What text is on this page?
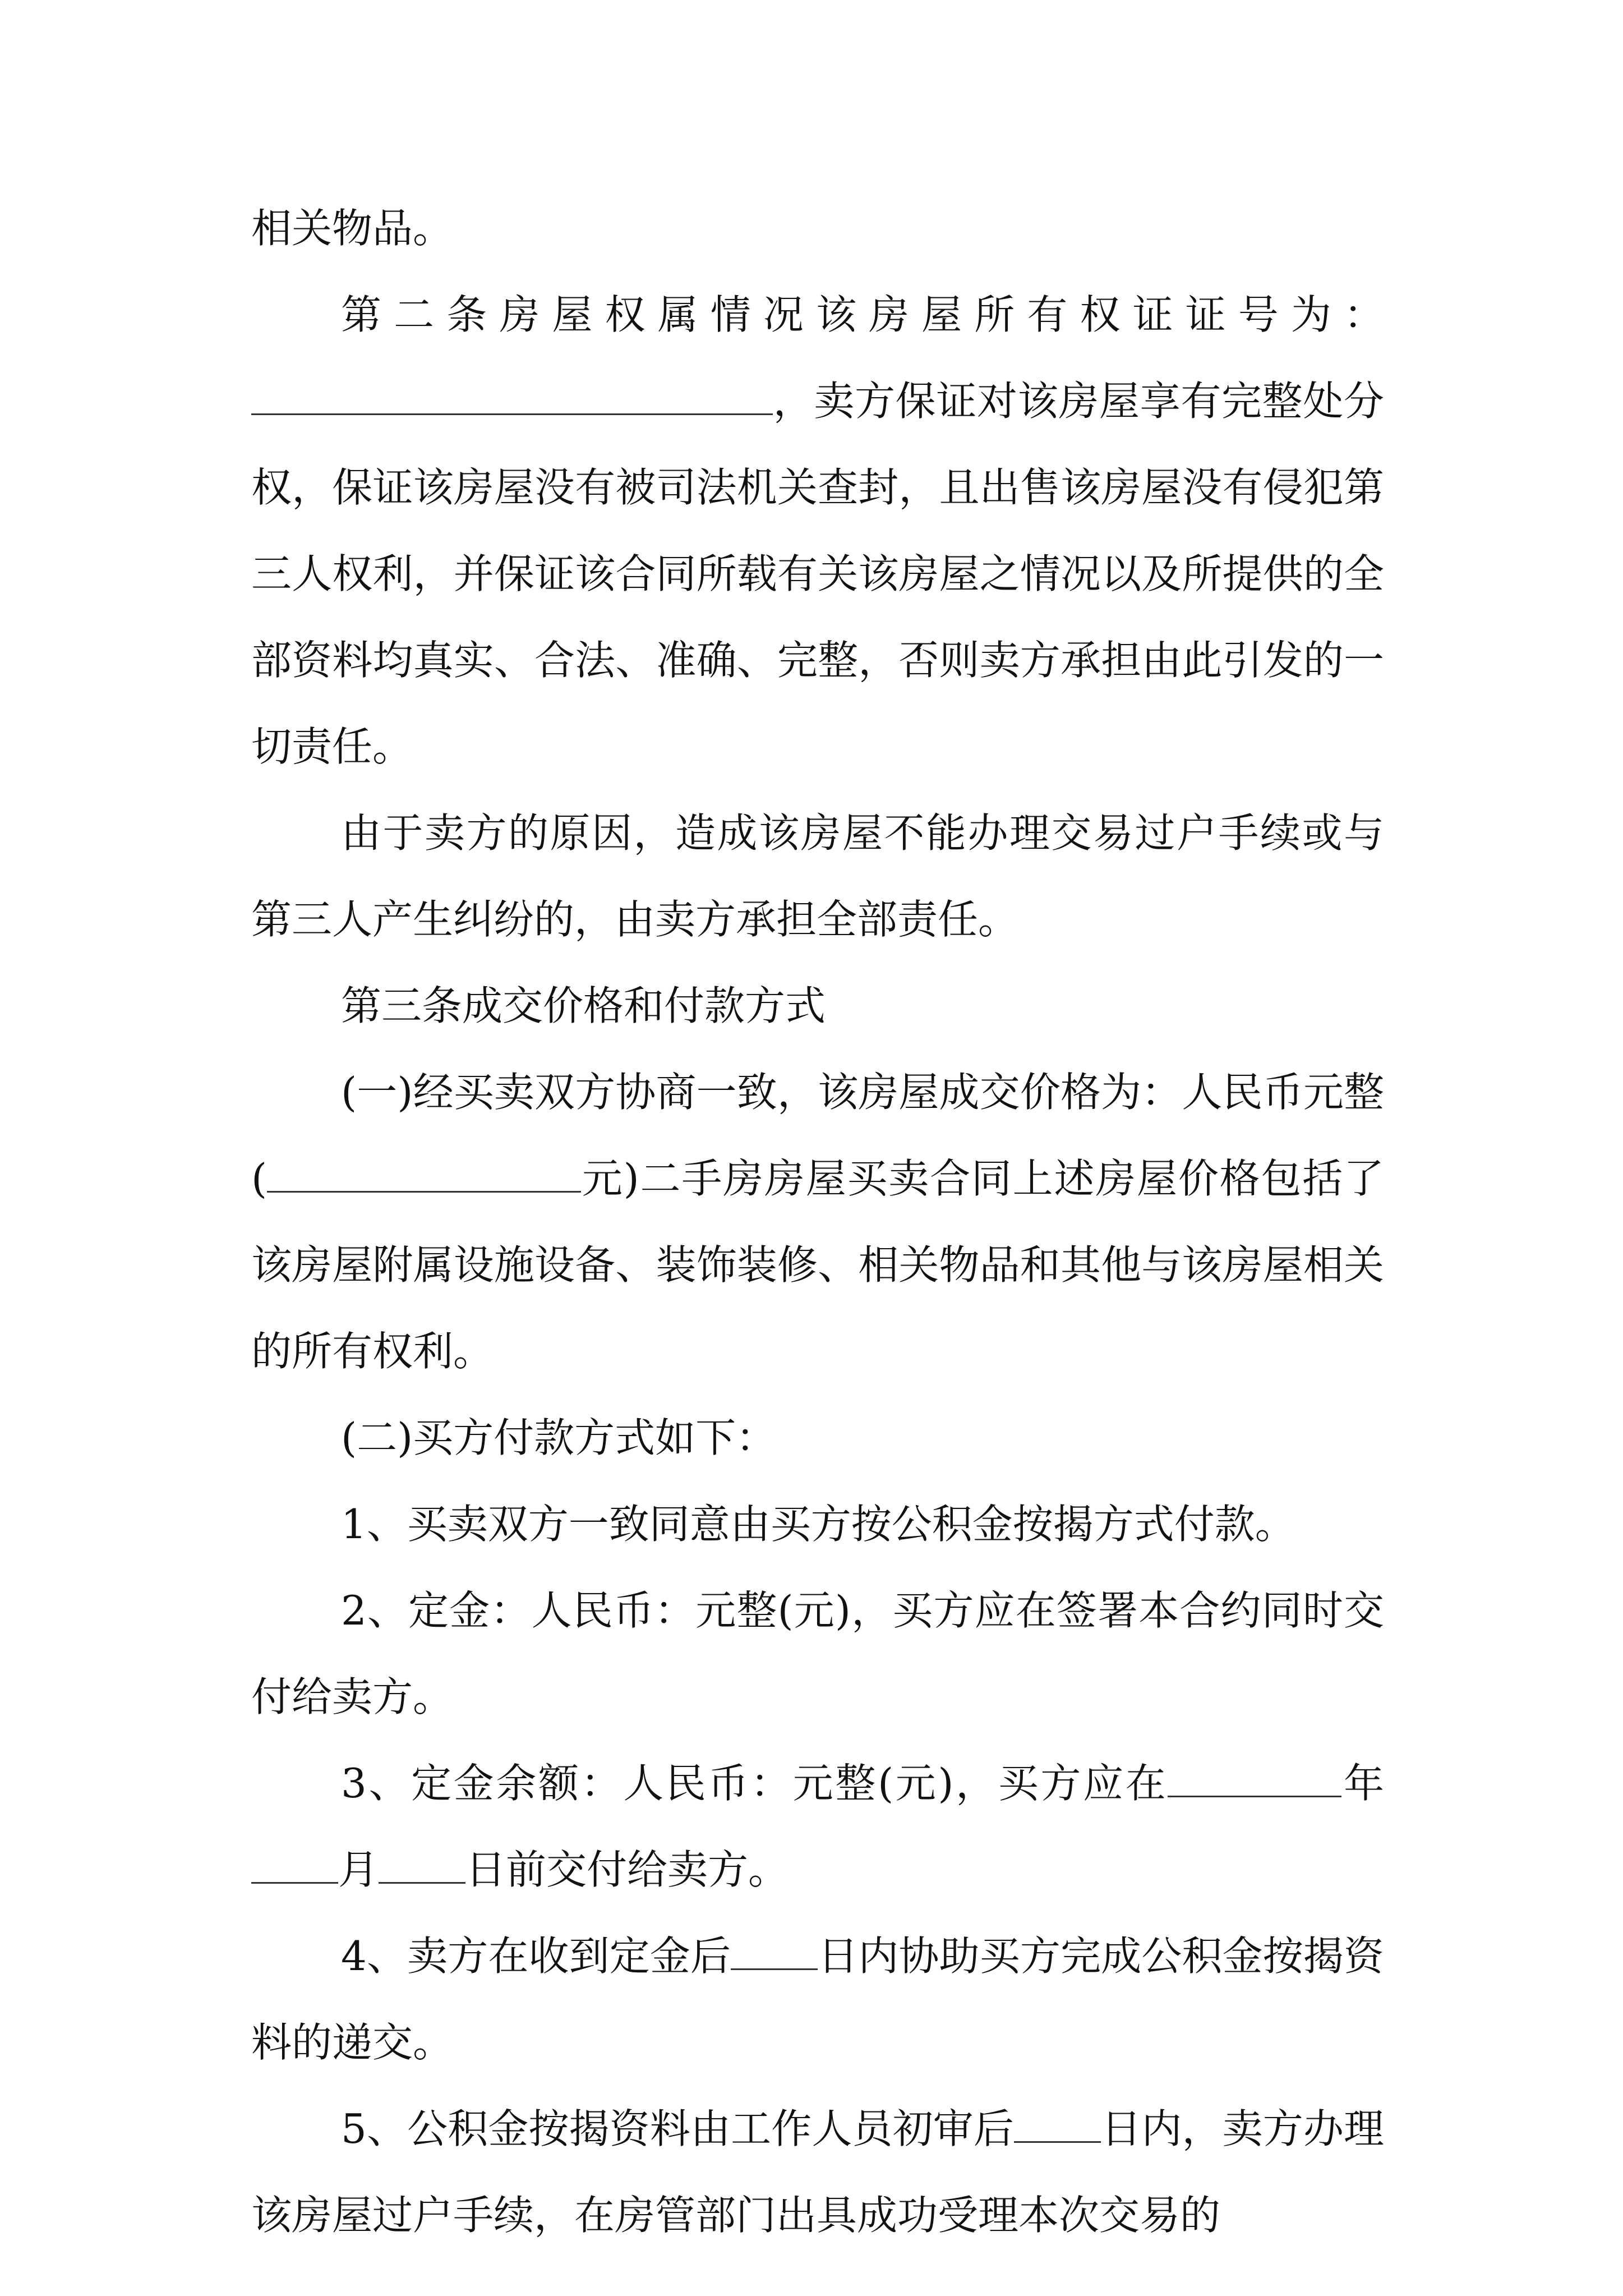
相关物品。

第二条房屋权属情况该房屋所有权证证号为：，卖方保证对该房屋享有完整处分权，保证该房屋没有被司法机关查封，且出售该房屋没有侵犯第三人权利，并保证该合同所载有关该房屋之情况以及所提供的全部资料均真实、合法、准确、完整，否则卖方承担由此引发的一切责任。

由于卖方的原因，造成该房屋不能办理交易过户手续或与第三人产生纠纷的，由卖方承担全部责任。

第三条成交价格和付款方式

(一)经买卖双方协商一致，该房屋成交价格为：人民币元整(	元)二手房房屋买卖合同上述房屋价格包括了该房屋附属设施设备、装饰装修、相关物品和其他与该房屋相关的所有权利。

(二)买方付款方式如下：

1、买卖双方一致同意由买方按公积金按揭方式付款。

2、定金：人民币：元整(元)，买方应在签署本合约同时交付给卖方。

3、定金余额：人民币：元整(元)，买方应在	年月 日前交付给卖方。

4、卖方在收到定金后 日内协助买方完成公积金按揭资料的递交。

5、公积金按揭资料由工作人员初审后 日内，卖方办理该房屋过户手续，在房管部门出具成功受理本次交易的
